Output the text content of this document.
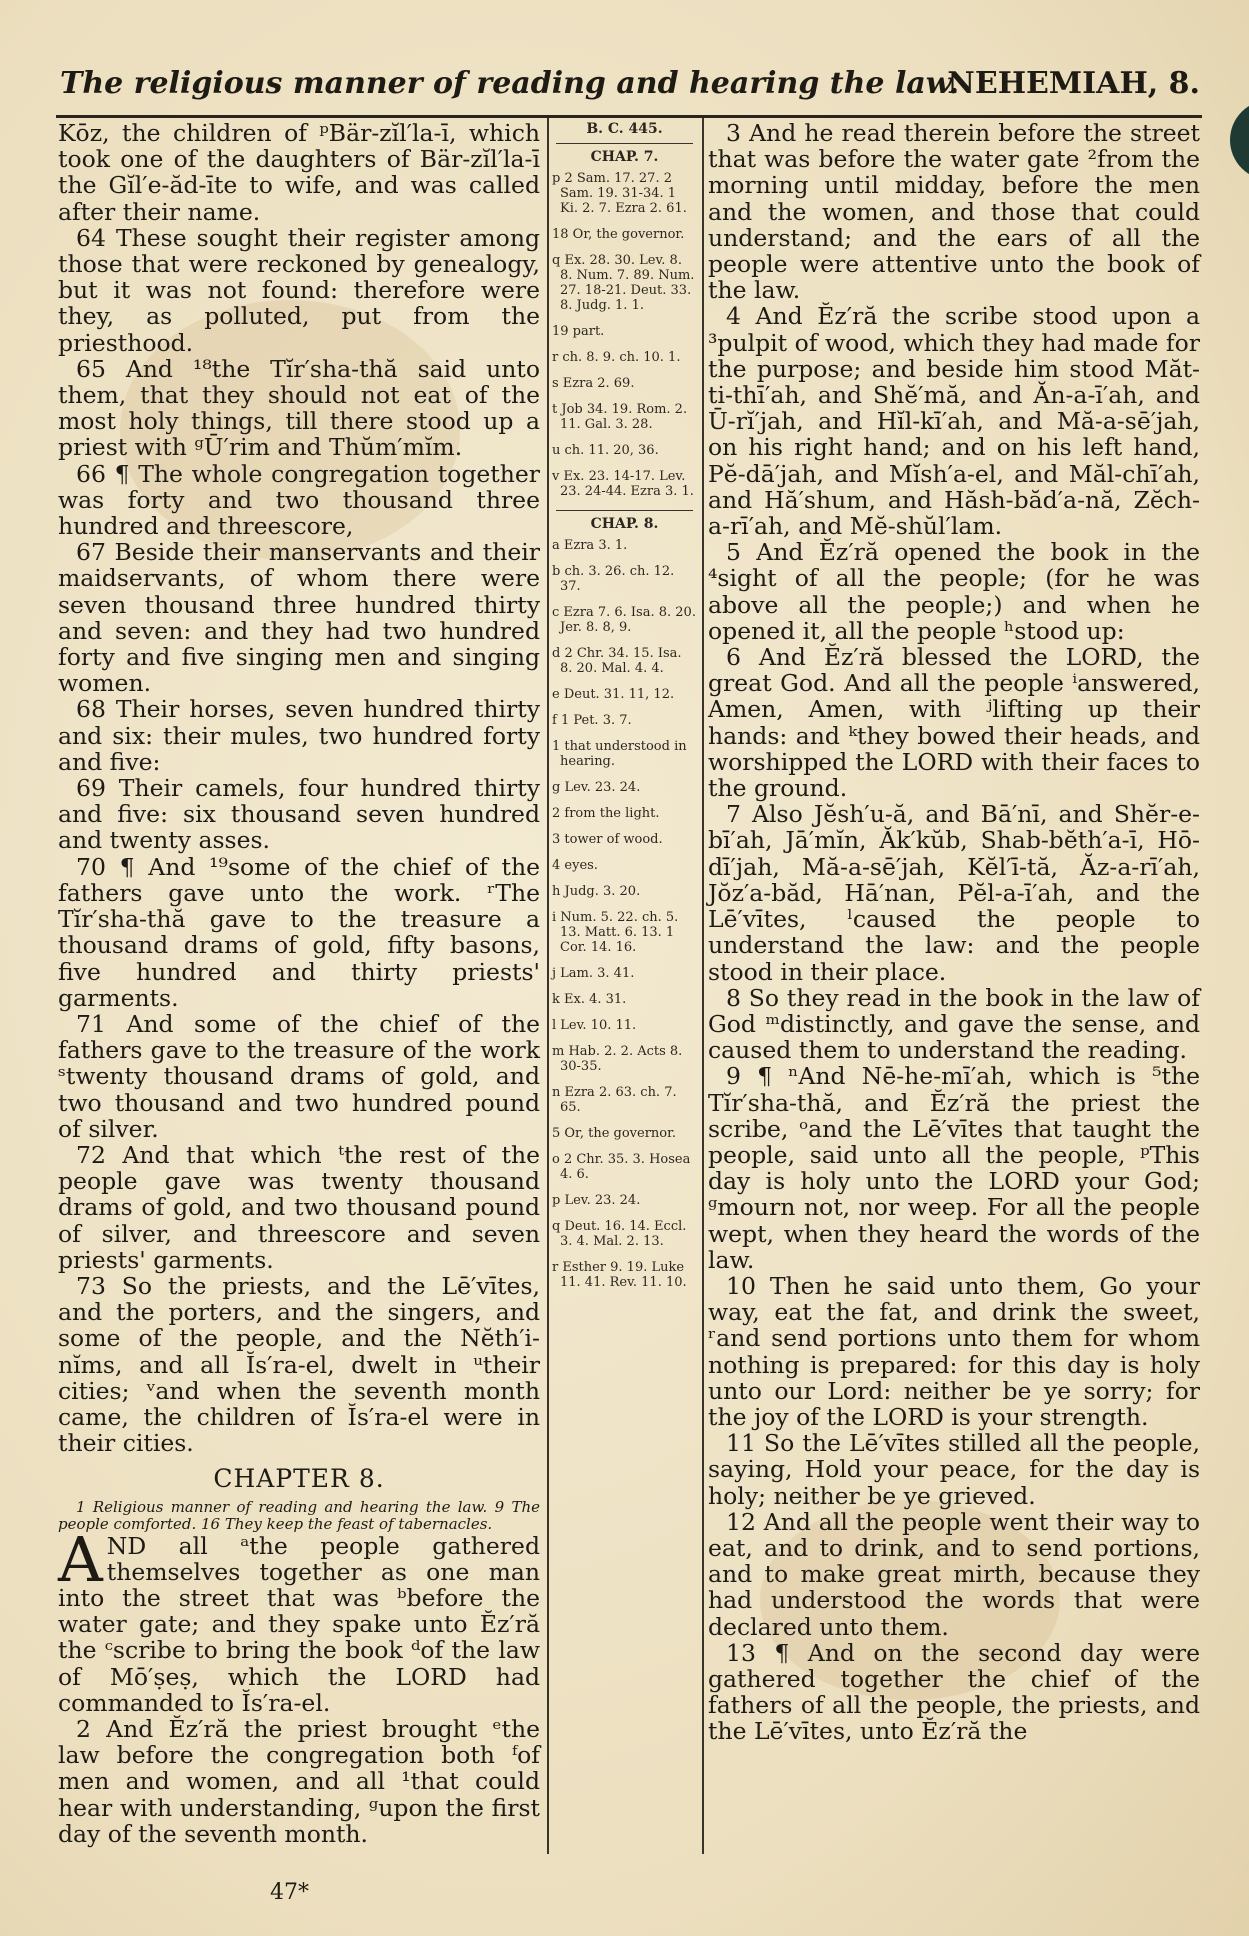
The religious manner of reading and hearing the law.
NEHEMIAH, 8.

Kōz, the children of ᵖBär-zĭl′la-ī, which took one of the daughters of Bär-zĭl′la-ī the Gĭl′e-ăd-īte to wife, and was called after their name.

64 These sought their register among those that were reckoned by genealogy, but it was not found: therefore were they, as polluted, put from the priesthood.

65 And ¹⁸the Tĭr′sha-thă said unto them, that they should not eat of the most holy things, till there stood up a priest with ᵍŪ′rim and Thŭm′mĭm.

66 ¶ The whole congregation together was forty and two thousand three hundred and threescore,

67 Beside their manservants and their maidservants, of whom there were seven thousand three hundred thirty and seven: and they had two hundred forty and five singing men and singing women.

68 Their horses, seven hundred thirty and six: their mules, two hundred forty and five:

69 Their camels, four hundred thirty and five: six thousand seven hundred and twenty asses.

70 ¶ And ¹⁹some of the chief of the fathers gave unto the work. ʳThe Tĭr′sha-thă gave to the treasure a thousand drams of gold, fifty basons, five hundred and thirty priests' garments.

71 And some of the chief of the fathers gave to the treasure of the work ˢtwenty thousand drams of gold, and two thousand and two hundred pound of silver.

72 And that which ᵗthe rest of the people gave was twenty thousand drams of gold, and two thousand pound of silver, and threescore and seven priests' garments.

73 So the priests, and the Lē′vītes, and the porters, and the singers, and some of the people, and the Nĕth′i-nĭms, and all Ĭs′ra-el, dwelt in ᵘtheir cities; ᵛand when the seventh month came, the children of Ĭs′ra-el were in their cities.

CHAPTER 8.

1 Religious manner of reading and hearing the law. 9 The people comforted. 16 They keep the feast of tabernacles.

AND all ᵃthe people gathered themselves together as one man into the street that was ᵇbefore the water gate; and they spake unto Ĕz′ră the ᶜscribe to bring the book ᵈof the law of Mō′ṣeṣ, which the LORD had commanded to Ĭs′ra-el.

2 And Ĕz′ră the priest brought ᵉthe law before the congregation both ᶠof men and women, and all ¹that could hear with understanding, ᵍupon the first day of the seventh month.

B. C. 445.
CHAP. 7.

p 2 Sam. 17. 27. 2 Sam. 19. 31-34. 1 Ki. 2. 7. Ezra 2. 61.

18 Or, the governor.

q Ex. 28. 30. Lev. 8. 8. Num. 7. 89. Num. 27. 18-21. Deut. 33. 8. Judg. 1. 1.

19 part.

r ch. 8. 9. ch. 10. 1.

s Ezra 2. 69.

t Job 34. 19. Rom. 2. 11. Gal. 3. 28.

u ch. 11. 20, 36.

v Ex. 23. 14-17. Lev. 23. 24-44. Ezra 3. 1.

CHAP. 8.

a Ezra 3. 1.

b ch. 3. 26. ch. 12. 37.

c Ezra 7. 6. Isa. 8. 20. Jer. 8. 8, 9.

d 2 Chr. 34. 15. Isa. 8. 20. Mal. 4. 4.

e Deut. 31. 11, 12.

f 1 Pet. 3. 7.

1 that understood in hearing.

g Lev. 23. 24.

2 from the light.

3 tower of wood.

4 eyes.

h Judg. 3. 20.

i Num. 5. 22. ch. 5. 13. Matt. 6. 13. 1 Cor. 14. 16.

j Lam. 3. 41.

k Ex. 4. 31.

l Lev. 10. 11.

m Hab. 2. 2. Acts 8. 30-35.

n Ezra 2. 63. ch. 7. 65.

5 Or, the governor.

o 2 Chr. 35. 3. Hosea 4. 6.

p Lev. 23. 24.

q Deut. 16. 14. Eccl. 3. 4. Mal. 2. 13.

r Esther 9. 19. Luke 11. 41. Rev. 11. 10.

3 And he read therein before the street that was before the water gate ²from the morning until midday, before the men and the women, and those that could understand; and the ears of all the people were attentive unto the book of the law.

4 And Ĕz′ră the scribe stood upon a ³pulpit of wood, which they had made for the purpose; and beside him stood Măt-ti-thī′ah, and Shĕ′mă, and Ăn-a-ī′ah, and Ū-rĭ′jah, and Hĭl-kī′ah, and Mă-a-sē′jah, on his right hand; and on his left hand, Pĕ-dā′jah, and Mĭsh′a-el, and Măl-chī′ah, and Hă′shum, and Hăsh-băd′a-nă, Zĕch-a-rī′ah, and Mĕ-shŭl′lam.

5 And Ĕz′ră opened the book in the ⁴sight of all the people; (for he was above all the people;) and when he opened it, all the people ʰstood up:

6 And Ĕz′ră blessed the LORD, the great God. And all the people ⁱanswered, Amen, Amen, with ʲlifting up their hands: and ᵏthey bowed their heads, and worshipped the LORD with their faces to the ground.

7 Also Jĕsh′u-ă, and Bā′nī, and Shĕr-e-bī′ah, Jā′mĭn, Ăk′kŭb, Shab-bĕth′a-ī, Hō-dī′jah, Mă-a-sē′jah, Kĕl′ī-tă, Ăz-a-rī′ah, Jŏz′a-băd, Hā′nan, Pĕl-a-ī′ah, and the Lē′vītes, ˡcaused the people to understand the law: and the people stood in their place.

8 So they read in the book in the law of God ᵐdistinctly, and gave the sense, and caused them to understand the reading.

9 ¶ ⁿAnd Nē-he-mī′ah, which is ⁵the Tĭr′sha-thă, and Ĕz′ră the priest the scribe, ᵒand the Lē′vītes that taught the people, said unto all the people, ᵖThis day is holy unto the LORD your God; ᵍmourn not, nor weep. For all the people wept, when they heard the words of the law.

10 Then he said unto them, Go your way, eat the fat, and drink the sweet, ʳand send portions unto them for whom nothing is prepared: for this day is holy unto our Lord: neither be ye sorry; for the joy of the LORD is your strength.

11 So the Lē′vītes stilled all the people, saying, Hold your peace, for the day is holy; neither be ye grieved.

12 And all the people went their way to eat, and to drink, and to send portions, and to make great mirth, because they had understood the words that were declared unto them.

13 ¶ And on the second day were gathered together the chief of the fathers of all the people, the priests, and the Lē′vītes, unto Ĕz′ră the

47*
